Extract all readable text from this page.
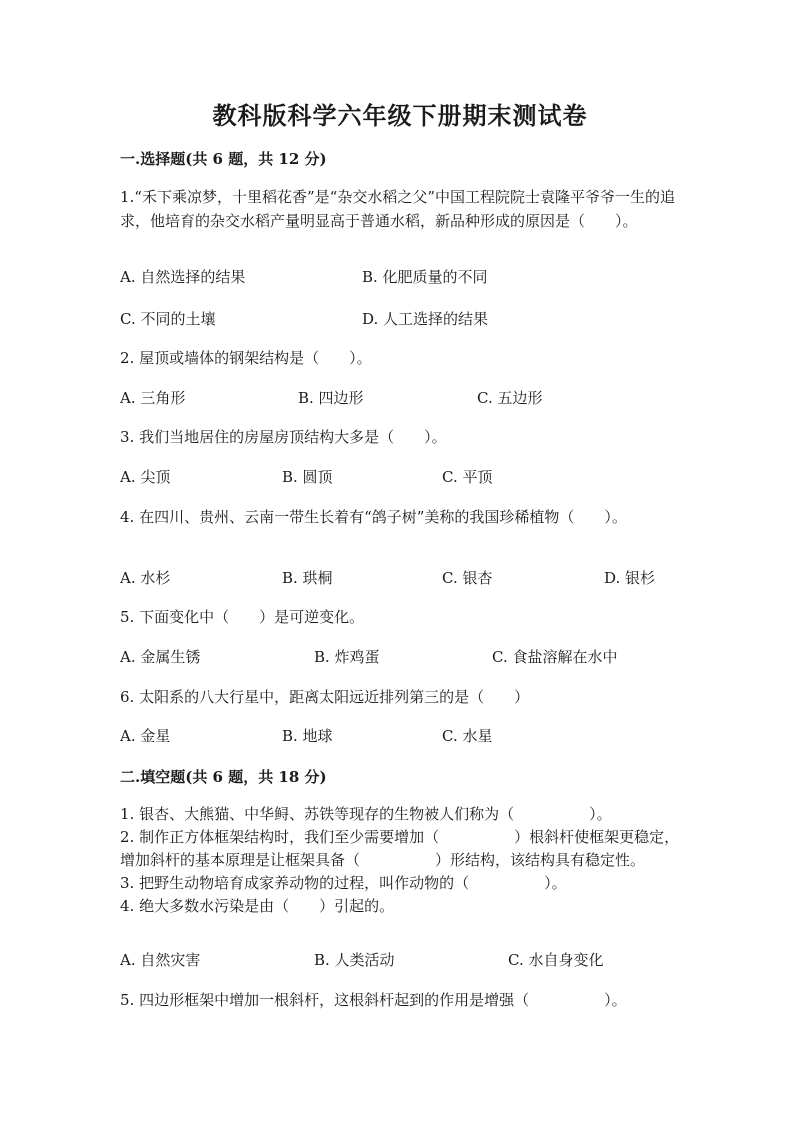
教科版科学六年级下册期末测试卷
一.选择题(共 6 题，共 12 分)
1.“禾下乘凉梦，十里稻花香”是“杂交水稻之父”中国工程院院士袁隆平爷爷一生的追求，他培育的杂交水稻产量明显高于普通水稻，新品种形成的原因是（　　）。
A. 自然选择的结果	B. 化肥质量的不同
C. 不同的土壤	D. 人工选择的结果
2. 屋顶或墙体的钢架结构是（　　）。
A. 三角形	B. 四边形	C. 五边形
3. 我们当地居住的房屋房顶结构大多是（　　）。
A. 尖顶	B. 圆顶	C. 平顶
4. 在四川、贵州、云南一带生长着有“鸽子树”美称的我国珍稀植物（　　）。
A. 水杉	B. 珙桐	C. 银杏	D. 银杉
5. 下面变化中（　　）是可逆变化。
A. 金属生锈	B. 炸鸡蛋	C. 食盐溶解在水中
6. 太阳系的八大行星中，距离太阳远近排列第三的是（　　）
A. 金星	B. 地球	C. 水星
二.填空题(共 6 题，共 18 分)
1. 银杏、大熊猫、中华鲟、苏铁等现存的生物被人们称为（　　　　　）。
2. 制作正方体框架结构时，我们至少需要增加（　　　　　）根斜杆使框架更稳定，增加斜杆的基本原理是让框架具备（　　　　　）形结构，该结构具有稳定性。
3. 把野生动物培育成家养动物的过程，叫作动物的（　　　　　）。
4. 绝大多数水污染是由（　　）引起的。
A. 自然灾害	B. 人类活动	C. 水自身变化
5. 四边形框架中增加一根斜杆，这根斜杆起到的作用是增强（　　　　　）。
